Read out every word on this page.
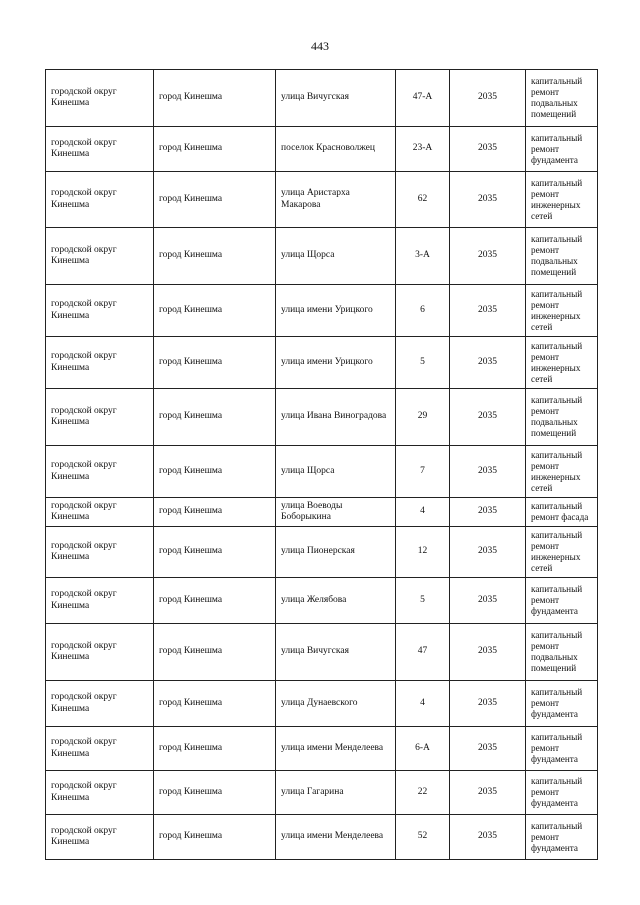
443
городской округ Кинешма	город Кинешма	улица Вичугская	47-А	2035	капитальный ремонт подвальных помещений
городской округ Кинешма	город Кинешма	поселок Красноволжец	23-А	2035	капитальный ремонт фундамента
городской округ Кинешма	город Кинешма	улица Аристарха Макарова	62	2035	капитальный ремонт инженерных сетей
городской округ Кинешма	город Кинешма	улица Щорса	3-А	2035	капитальный ремонт подвальных помещений
городской округ Кинешма	город Кинешма	улица имени Урицкого	6	2035	капитальный ремонт инженерных сетей
городской округ Кинешма	город Кинешма	улица имени Урицкого	5	2035	капитальный ремонт инженерных сетей
городской округ Кинешма	город Кинешма	улица Ивана Виноградова	29	2035	капитальный ремонт подвальных помещений
городской округ Кинешма	город Кинешма	улица Щорса	7	2035	капитальный ремонт инженерных сетей
городской округ Кинешма	город Кинешма	улица Воеводы Боборыкина	4	2035	капитальный ремонт фасада
городской округ Кинешма	город Кинешма	улица Пионерская	12	2035	капитальный ремонт инженерных сетей
городской округ Кинешма	город Кинешма	улица Желябова	5	2035	капитальный ремонт фундамента
городской округ Кинешма	город Кинешма	улица Вичугская	47	2035	капитальный ремонт подвальных помещений
городской округ Кинешма	город Кинешма	улица Дунаевского	4	2035	капитальный ремонт фундамента
городской округ Кинешма	город Кинешма	улица имени Менделеева	6-А	2035	капитальный ремонт фундамента
городской округ Кинешма	город Кинешма	улица Гагарина	22	2035	капитальный ремонт фундамента
городской округ Кинешма	город Кинешма	улица имени Менделеева	52	2035	капитальный ремонт фундамента
